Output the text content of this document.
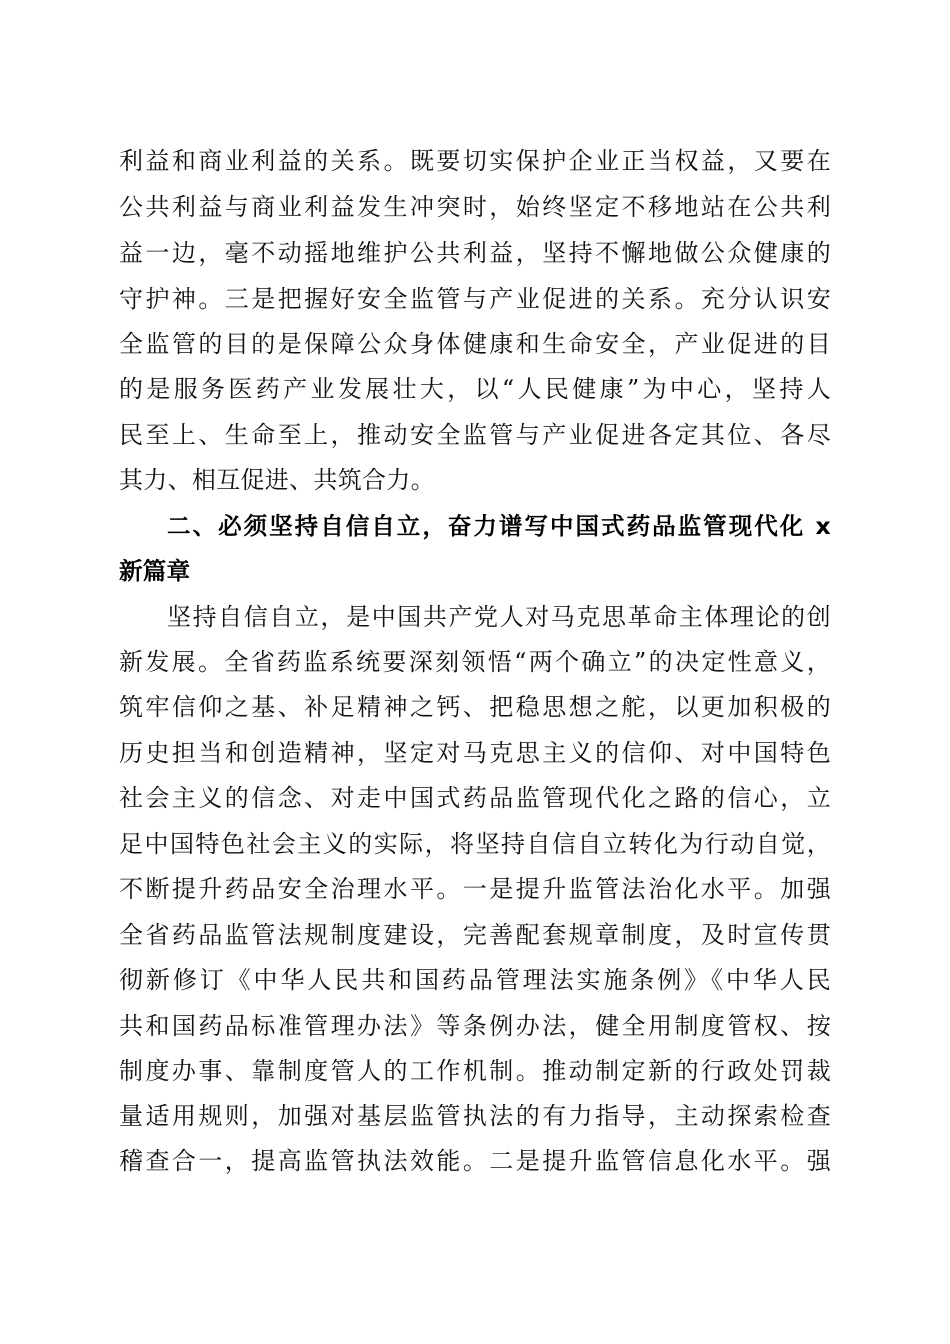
利益和商业利益的关系。既要切实保护企业正当权益，又要在

公共利益与商业利益发生冲突时，始终坚定不移地站在公共利

益一边，毫不动摇地维护公共利益，坚持不懈地做公众健康的

守护神。三是把握好安全监管与产业促进的关系。充分认识安

全监管的目的是保障公众身体健康和生命安全，产业促进的目

的是服务医药产业发展壮大，以“人民健康”为中心，坚持人

民至上、生命至上，推动安全监管与产业促进各定其位、各尽

其力、相互促进、共筑合力。

二、必须坚持自信自立，奋力谱写中国式药品监管现代化 x

新篇章

坚持自信自立，是中国共产党人对马克思革命主体理论的创

新发展。全省药监系统要深刻领悟“两个确立”的决定性意义，

筑牢信仰之基、补足精神之钙、把稳思想之舵，以更加积极的

历史担当和创造精神，坚定对马克思主义的信仰、对中国特色

社会主义的信念、对走中国式药品监管现代化之路的信心，立

足中国特色社会主义的实际，将坚持自信自立转化为行动自觉，

不断提升药品安全治理水平。一是提升监管法治化水平。加强

全省药品监管法规制度建设，完善配套规章制度，及时宣传贯

彻新修订《中华人民共和国药品管理法实施条例》《中华人民

共和国药品标准管理办法》等条例办法，健全用制度管权、按

制度办事、靠制度管人的工作机制。推动制定新的行政处罚裁

量适用规则，加强对基层监管执法的有力指导，主动探索检查

稽查合一，提高监管执法效能。二是提升监管信息化水平。强
